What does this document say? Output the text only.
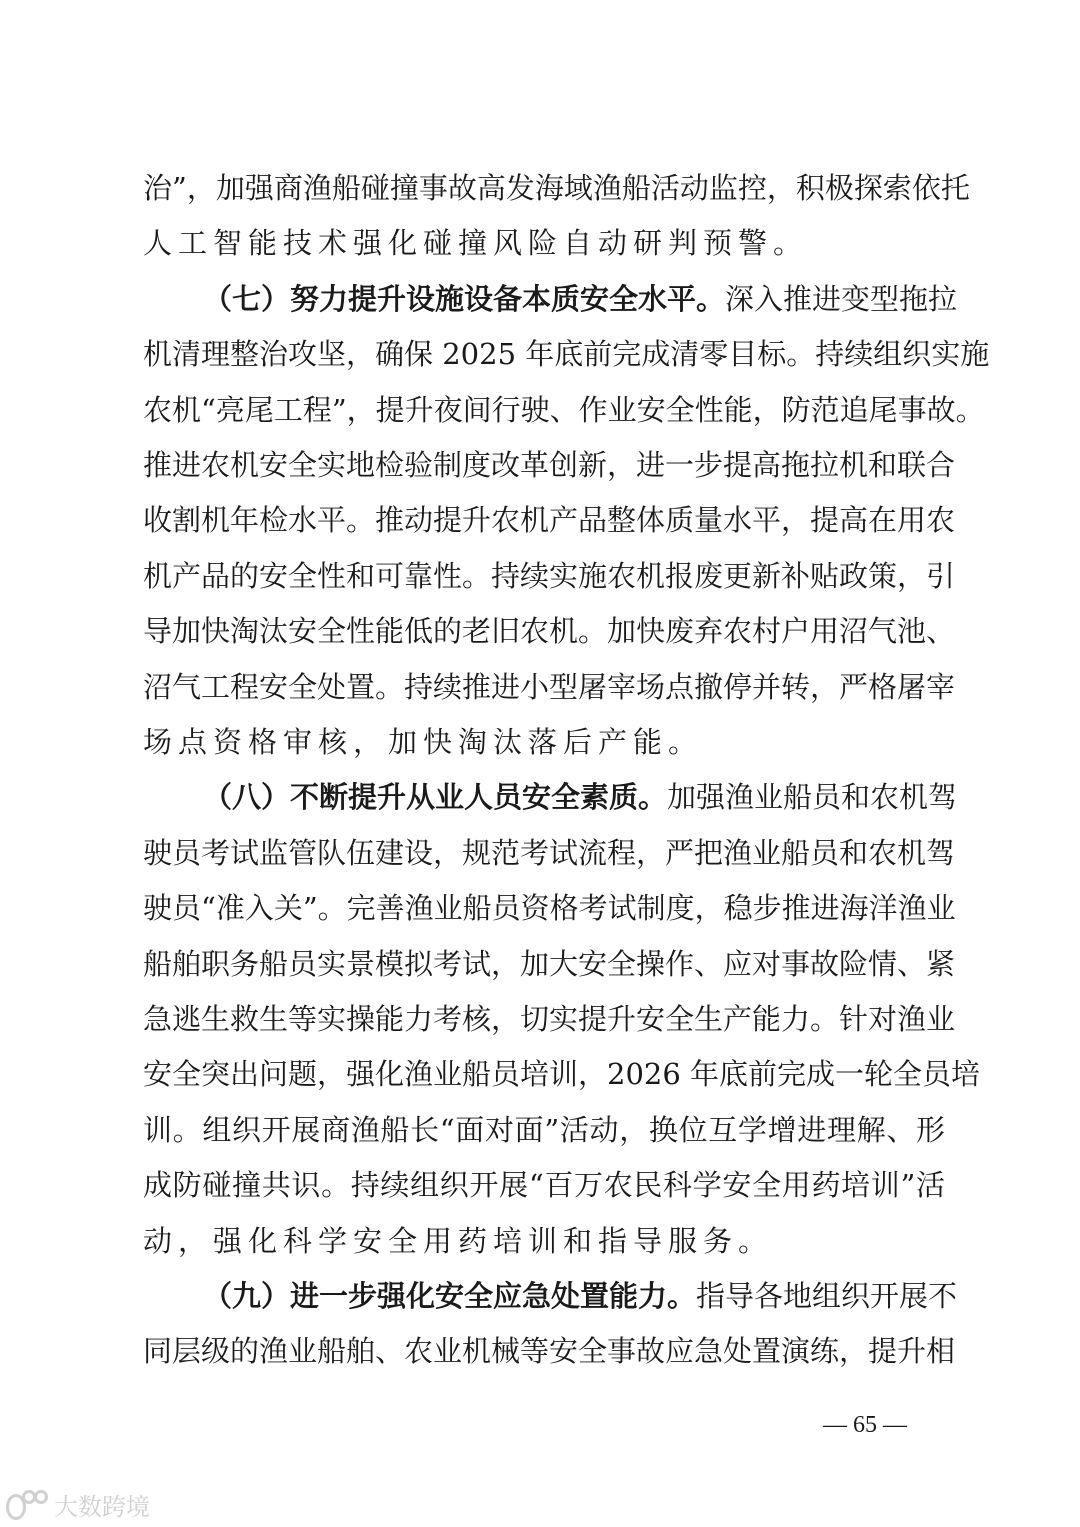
治”，加强商渔船碰撞事故高发海域渔船活动监控，积极探索依托
人工智能技术强化碰撞风险自动研判预警。
（七）努力提升设施设备本质安全水平。深入推进变型拖拉
机清理整治攻坚，确保 2025 年底前完成清零目标。持续组织实施
农机“亮尾工程”，提升夜间行驶、作业安全性能，防范追尾事故。
推进农机安全实地检验制度改革创新，进一步提高拖拉机和联合
收割机年检水平。推动提升农机产品整体质量水平，提高在用农
机产品的安全性和可靠性。持续实施农机报废更新补贴政策，引
导加快淘汰安全性能低的老旧农机。加快废弃农村户用沼气池、
沼气工程安全处置。持续推进小型屠宰场点撤停并转，严格屠宰
场点资格审核，加快淘汰落后产能。
（八）不断提升从业人员安全素质。加强渔业船员和农机驾
驶员考试监管队伍建设，规范考试流程，严把渔业船员和农机驾
驶员“准入关”。完善渔业船员资格考试制度，稳步推进海洋渔业
船舶职务船员实景模拟考试，加大安全操作、应对事故险情、紧
急逃生救生等实操能力考核，切实提升安全生产能力。针对渔业
安全突出问题，强化渔业船员培训，2026 年底前完成一轮全员培
训。组织开展商渔船长“面对面”活动，换位互学增进理解、形
成防碰撞共识。持续组织开展“百万农民科学安全用药培训”活
动，强化科学安全用药培训和指导服务。
（九）进一步强化安全应急处置能力。指导各地组织开展不
同层级的渔业船舶、农业机械等安全事故应急处置演练，提升相
— 65 —
大数跨境
